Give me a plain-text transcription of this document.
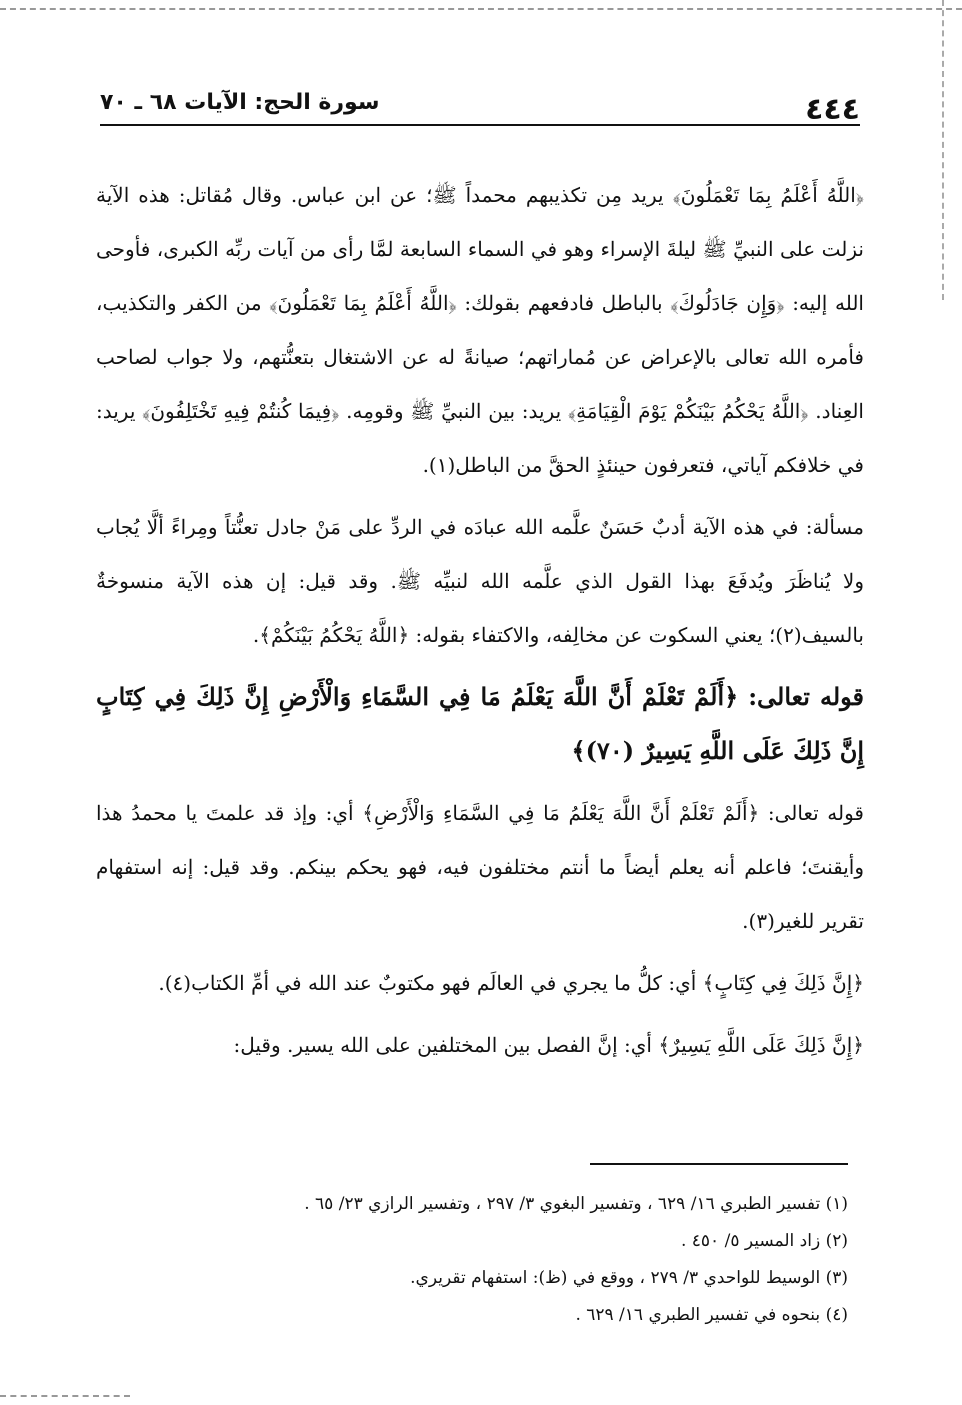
٤٤٤
سورة الحج: الآيات ٦٨ ـ ٧٠

﴿اللَّهُ أَعْلَمُ بِمَا تَعْمَلُونَ﴾ يريد مِن تكذيبهم محمداً ﷺ؛ عن ابن عباس. وقال مُقاتل: هذه الآية نزلت على النبيِّ ﷺ ليلةَ الإسراء وهو في السماء السابعة لمَّا رأى من آيات ربِّه الكبرى، فأوحى الله إليه: ﴿وَإِن جَادَلُوكَ﴾ بالباطل فادفعهم بقولك: ﴿اللَّهُ أَعْلَمُ بِمَا تَعْمَلُونَ﴾ من الكفر والتكذيب، فأمره الله تعالى بالإعراض عن مُماراتهم؛ صيانةً له عن الاشتغال بتعنُّتهم، ولا جواب لصاحب العِناد. ﴿اللَّهُ يَحْكُمُ بَيْنَكُمْ يَوْمَ الْقِيَامَةِ﴾ يريد: بين النبيِّ ﷺ وقومِه. ﴿فِيمَا كُنتُمْ فِيهِ تَخْتَلِفُونَ﴾ يريد: في خلافكم آياتي، فتعرفون حينئذٍ الحقَّ من الباطل(١).

مسألة: في هذه الآية أدبٌ حَسَنٌ علَّمه الله عبادَه في الردِّ على مَنْ جادل تعنُّتاً ومِراءً ألَّا يُجاب ولا يُناظَرَ ويُدفَعَ بهذا القول الذي علَّمه الله لنبيِّه ﷺ. وقد قيل: إن هذه الآية منسوخةٌ بالسيف(٢)؛ يعني السكوت عن مخالِفه، والاكتفاء بقوله: ﴿اللَّهُ يَحْكُمُ بَيْنَكُمْ﴾.

قوله تعالى: ﴿أَلَمْ تَعْلَمْ أَنَّ اللَّهَ يَعْلَمُ مَا فِي السَّمَاءِ وَالْأَرْضِ إِنَّ ذَلِكَ فِي كِتَابٍ إِنَّ ذَلِكَ عَلَى اللَّهِ يَسِيرٌ (٧٠)﴾

قوله تعالى: ﴿أَلَمْ تَعْلَمْ أَنَّ اللَّهَ يَعْلَمُ مَا فِي السَّمَاءِ وَالْأَرْضِ﴾ أي: وإذ قد علمتَ يا محمدُ هذا وأيقنتَ؛ فاعلم أنه يعلم أيضاً ما أنتم مختلفون فيه، فهو يحكم بينكم. وقد قيل: إنه استفهام تقرير للغير(٣).

﴿إِنَّ ذَلِكَ فِي كِتَابٍ﴾ أي: كلُّ ما يجري في العالَم فهو مكتوبٌ عند الله في أمِّ الكتاب(٤).

﴿إِنَّ ذَلِكَ عَلَى اللَّهِ يَسِيرٌ﴾ أي: إنَّ الفصل بين المختلفين على الله يسير. وقيل:

(١) تفسير الطبري ١٦/ ٦٢٩ ، وتفسير البغوي ٣/ ٢٩٧ ، وتفسير الرازي ٢٣/ ٦٥ .

(٢) زاد المسير ٥/ ٤٥٠ .

(٣) الوسيط للواحدي ٣/ ٢٧٩ ، ووقع في (ظ): استفهام تقريري.

(٤) بنحوه في تفسير الطبري ١٦/ ٦٢٩ .
